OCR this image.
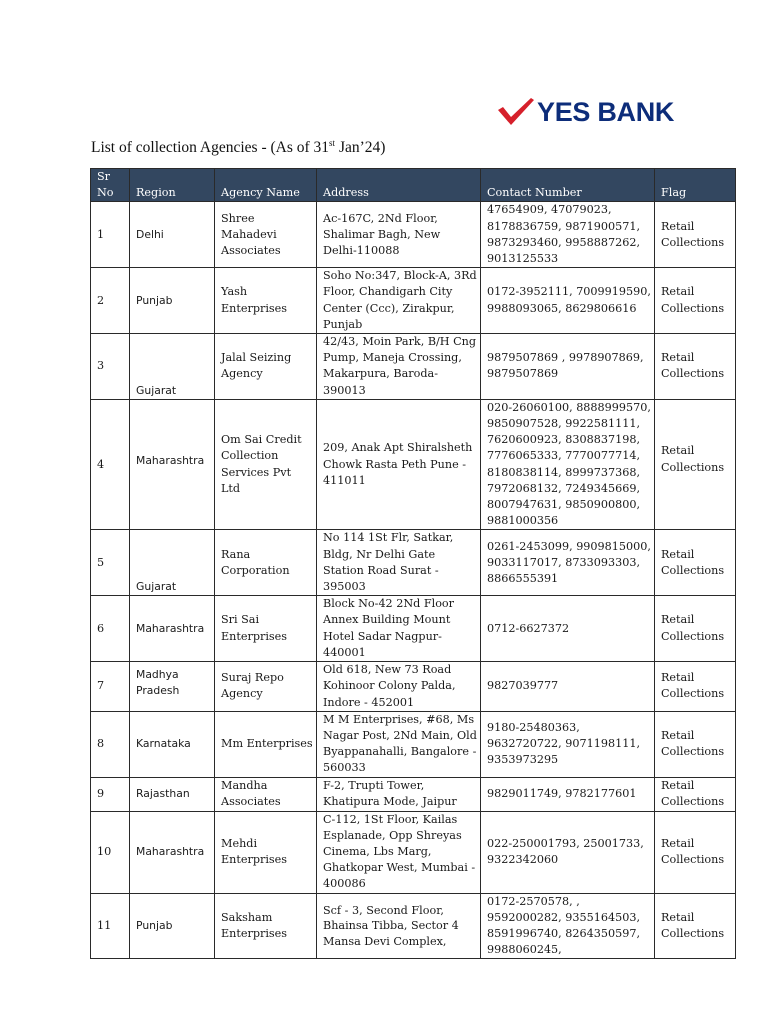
YES BANK
List of collection Agencies - (As of 31st Jan’24)
Sr No	Region	Agency Name	Address	Contact Number	Flag
1	Delhi	Shree Mahadevi Associates	Ac-167C, 2Nd Floor, Shalimar Bagh, New Delhi-110088	47654909, 47079023, 8178836759, 9871900571, 9873293460, 9958887262, 9013125533	Retail Collections
2	Punjab	Yash Enterprises	Soho No:347, Block-A, 3Rd Floor, Chandigarh City Center (Ccc), Zirakpur, Punjab	0172-3952111, 7009919590, 9988093065, 8629806616	Retail Collections
3	Gujarat	Jalal Seizing Agency	42/43, Moin Park, B/H Cng Pump, Maneja Crossing, Makarpura, Baroda-390013	9879507869 , 9978907869, 9879507869	Retail Collections
4	Maharashtra	Om Sai Credit Collection Services Pvt Ltd	209, Anak Apt Shiralsheth Chowk Rasta Peth Pune - 411011	020-26060100, 8888999570, 9850907528, 9922581111, 7620600923, 8308837198, 7776065333, 7770077714, 8180838114, 8999737368, 7972068132, 7249345669, 8007947631, 9850900800, 9881000356	Retail Collections
5	Gujarat	Rana Corporation	No 114 1St Flr, Satkar, Bldg, Nr Delhi Gate Station Road Surat - 395003	0261-2453099, 9909815000, 9033117017, 8733093303, 8866555391	Retail Collections
6	Maharashtra	Sri Sai Enterprises	Block No-42 2Nd Floor Annex Building Mount Hotel Sadar Nagpur-440001	0712-6627372	Retail Collections
7	Madhya Pradesh	Suraj Repo Agency	Old 618, New 73 Road Kohinoor Colony Palda, Indore - 452001	9827039777	Retail Collections
8	Karnataka	Mm Enterprises	M M Enterprises, #68, Ms Nagar Post, 2Nd Main, Old Byappanahalli, Bangalore - 560033	9180-25480363, 9632720722, 9071198111, 9353973295	Retail Collections
9	Rajasthan	Mandha Associates	F-2, Trupti Tower, Khatipura Mode, Jaipur	9829011749, 9782177601	Retail Collections
10	Maharashtra	Mehdi Enterprises	C-112, 1St Floor, Kailas Esplanade, Opp Shreyas Cinema, Lbs Marg, Ghatkopar West, Mumbai - 400086	022-250001793, 25001733, 9322342060	Retail Collections
11	Punjab	Saksham Enterprises	Scf - 3, Second Floor, Bhainsa Tibba, Sector 4 Mansa Devi Complex,	0172-2570578, , 9592000282, 9355164503, 8591996740, 8264350597, 9988060245,	Retail Collections
